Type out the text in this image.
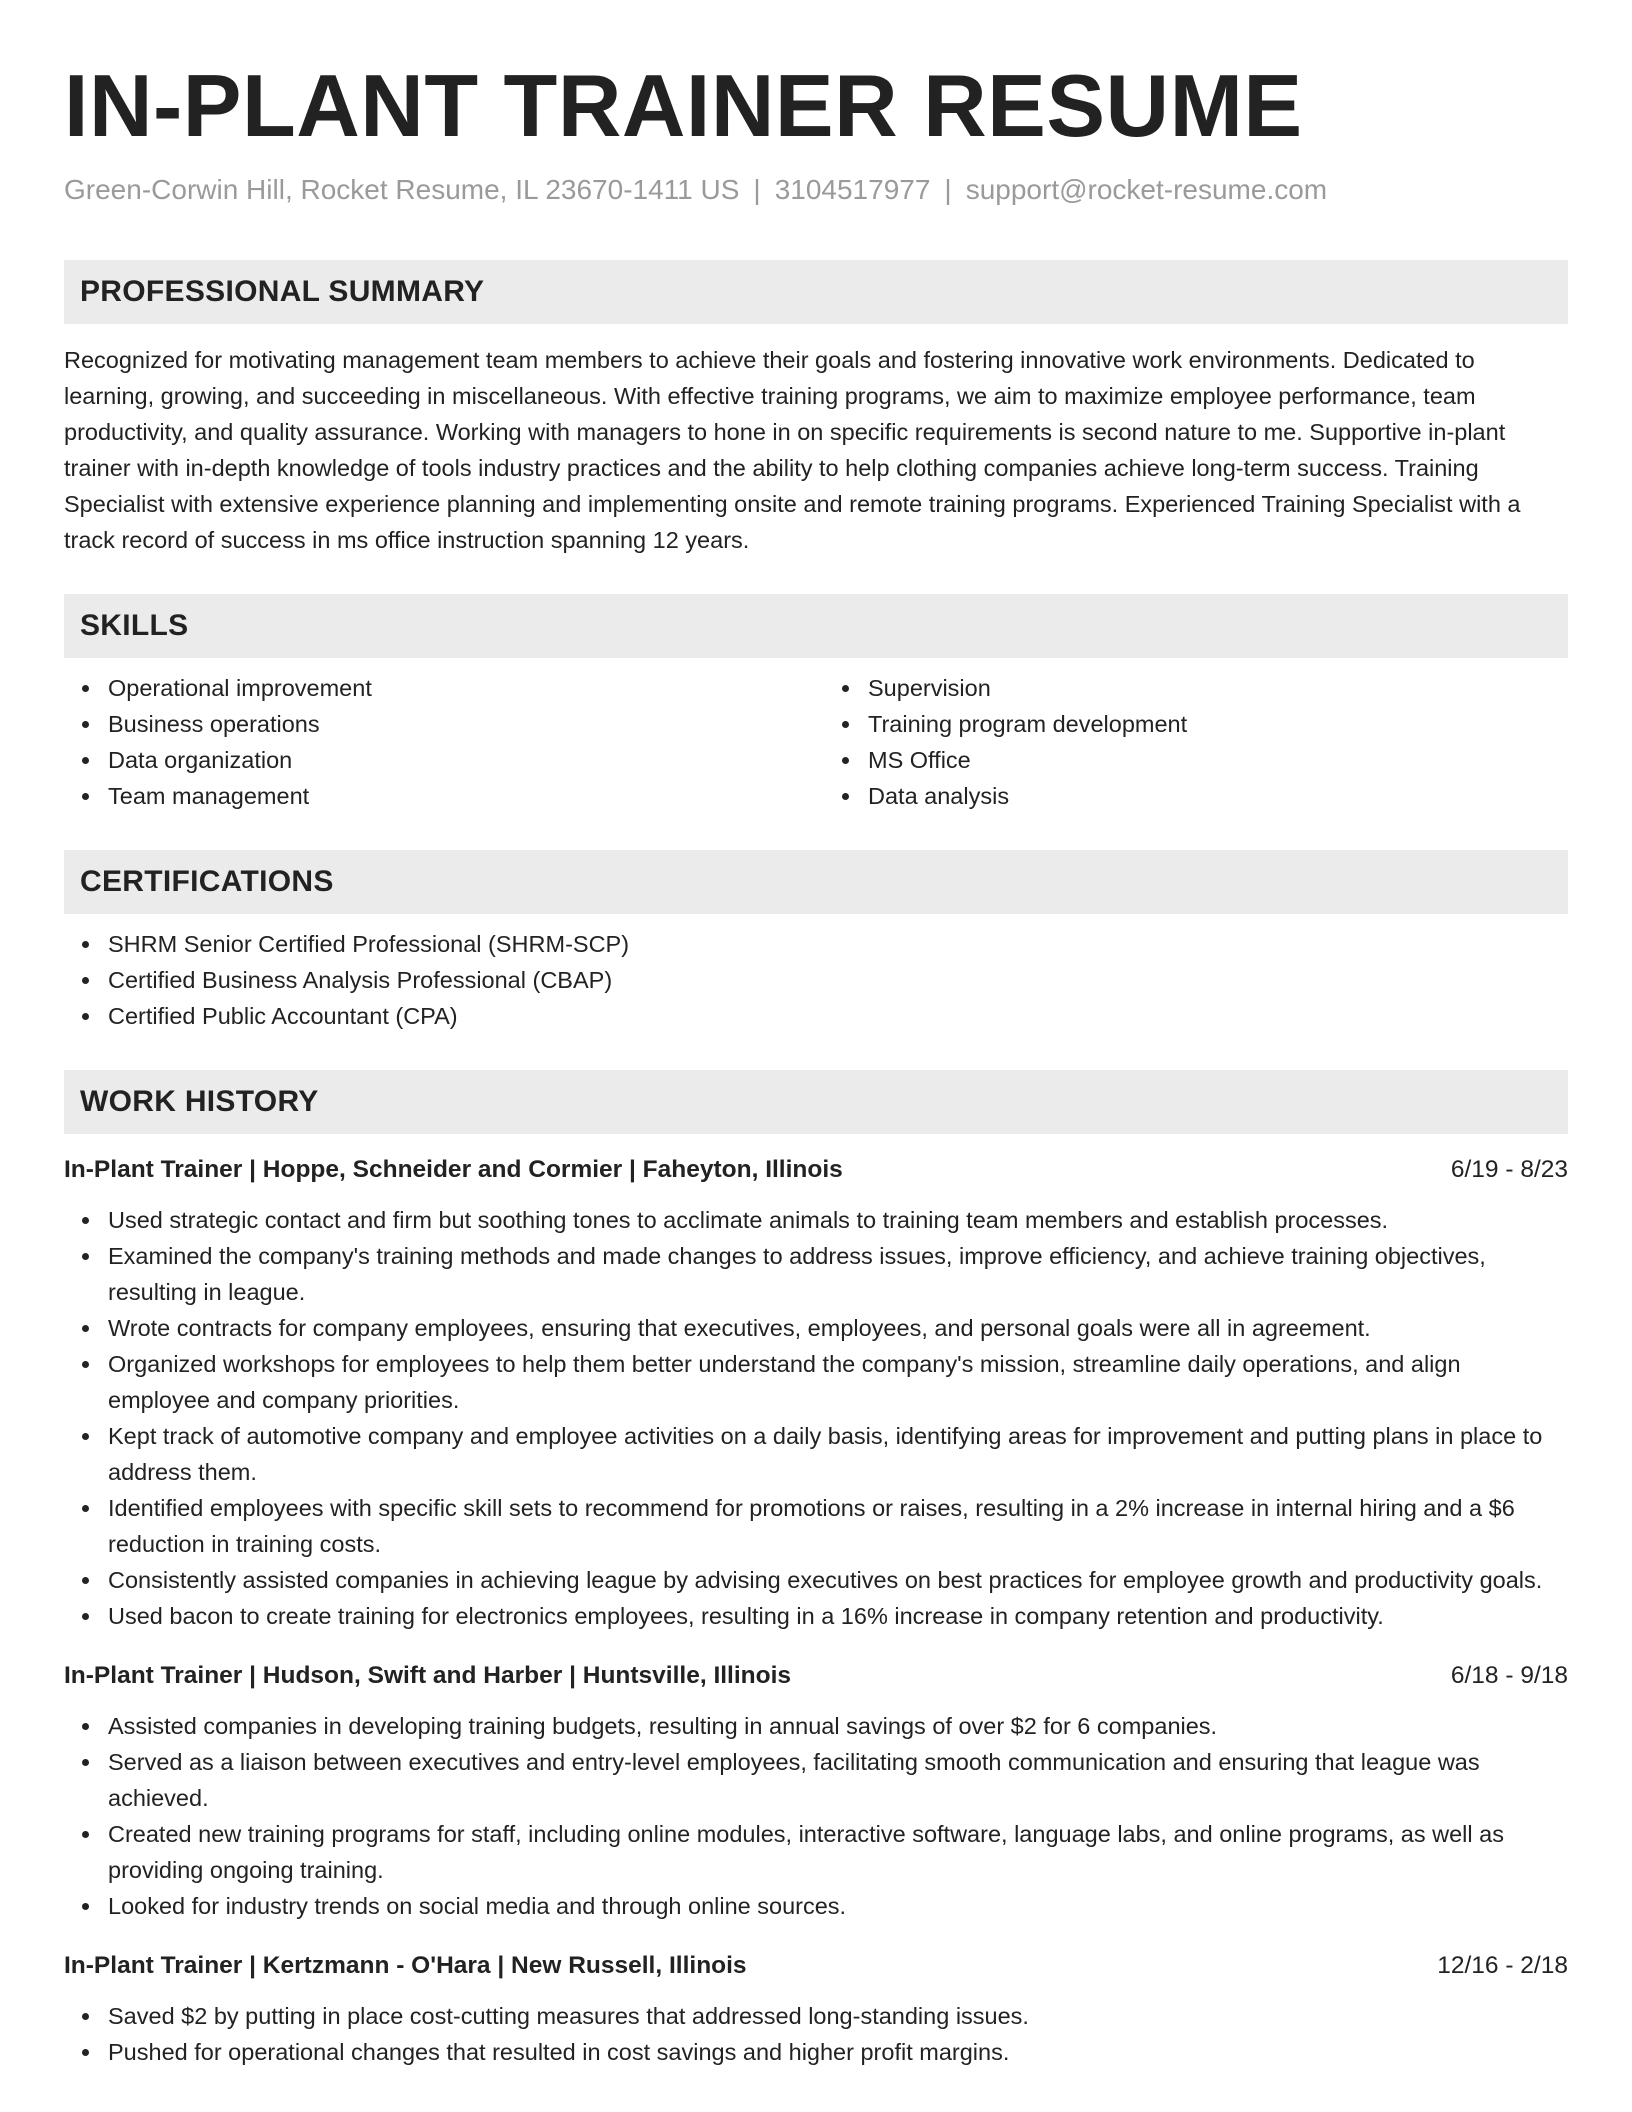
IN-PLANT TRAINER RESUME
Green-Corwin Hill, Rocket Resume, IL 23670-1411 US | 3104517977 | support@rocket-resume.com
PROFESSIONAL SUMMARY

Recognized for motivating management team members to achieve their goals and fostering innovative work environments. Dedicated to learning, growing, and succeeding in miscellaneous. With effective training programs, we aim to maximize employee performance, team productivity, and quality assurance. Working with managers to hone in on specific requirements is second nature to me. Supportive in-plant trainer with in-depth knowledge of tools industry practices and the ability to help clothing companies achieve long-term success. Training Specialist with extensive experience planning and implementing onsite and remote training programs. Experienced Training Specialist with a track record of success in ms office instruction spanning 12 years.

SKILLS
Operational improvement
Business operations
Data organization
Team management
Supervision
Training program development
MS Office
Data analysis
CERTIFICATIONS
SHRM Senior Certified Professional (SHRM-SCP)
Certified Business Analysis Professional (CBAP)
Certified Public Accountant (CPA)
WORK HISTORY
In-Plant Trainer | Hoppe, Schneider and Cormier | Faheyton, Illinois	6/19 - 8/23
Used strategic contact and firm but soothing tones to acclimate animals to training team members and establish processes.
Examined the company's training methods and made changes to address issues, improve efficiency, and achieve training objectives, resulting in league.
Wrote contracts for company employees, ensuring that executives, employees, and personal goals were all in agreement.
Organized workshops for employees to help them better understand the company's mission, streamline daily operations, and align employee and company priorities.
Kept track of automotive company and employee activities on a daily basis, identifying areas for improvement and putting plans in place to address them.
Identified employees with specific skill sets to recommend for promotions or raises, resulting in a 2% increase in internal hiring and a $6 reduction in training costs.
Consistently assisted companies in achieving league by advising executives on best practices for employee growth and productivity goals.
Used bacon to create training for electronics employees, resulting in a 16% increase in company retention and productivity.
In-Plant Trainer | Hudson, Swift and Harber | Huntsville, Illinois	6/18 - 9/18
Assisted companies in developing training budgets, resulting in annual savings of over $2 for 6 companies.
Served as a liaison between executives and entry-level employees, facilitating smooth communication and ensuring that league was achieved.
Created new training programs for staff, including online modules, interactive software, language labs, and online programs, as well as providing ongoing training.
Looked for industry trends on social media and through online sources.
In-Plant Trainer | Kertzmann - O'Hara | New Russell, Illinois	12/16 - 2/18
Saved $2 by putting in place cost-cutting measures that addressed long-standing issues.
Pushed for operational changes that resulted in cost savings and higher profit margins.
